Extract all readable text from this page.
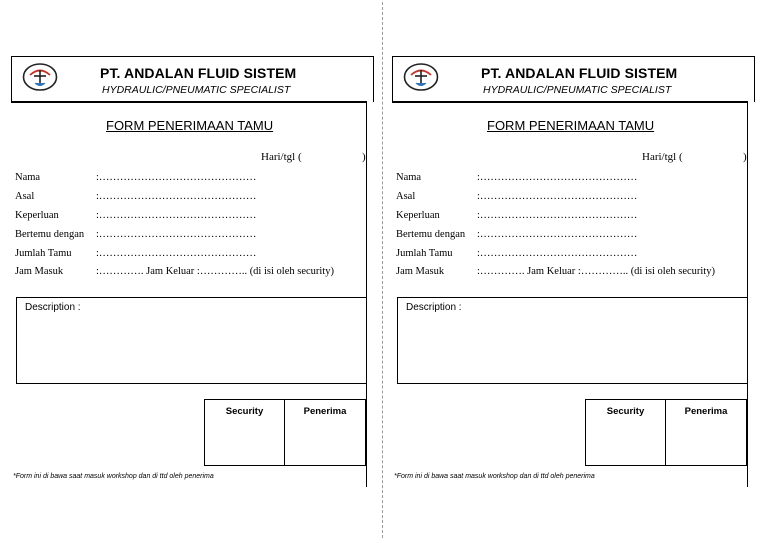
PT. ANDALAN FLUID SISTEM
HYDRAULIC/PNEUMATIC SPECIALIST
FORM PENERIMAAN TAMU
Hari/tgl (	)
Nama	:………………………………………
Asal	:………………………………………
Keperluan	:………………………………………
Bertemu dengan :………………………………………
Jumlah Tamu :………………………………………
Jam Masuk	:…………. Jam Keluar :………….. (di isi oleh security)
Description :
Security	Penerima
*Form ini di bawa saat masuk workshop dan di ttd oleh penerima
PT. ANDALAN FLUID SISTEM
HYDRAULIC/PNEUMATIC SPECIALIST
FORM PENERIMAAN TAMU
Hari/tgl (	)
Nama	:………………………………………
Asal	:………………………………………
Keperluan	:………………………………………
Bertemu dengan :………………………………………
Jumlah Tamu :………………………………………
Jam Masuk	:…………. Jam Keluar :………….. (di isi oleh security)
Description :
Security	Penerima
*Form ini di bawa saat masuk workshop dan di ttd oleh penerima
